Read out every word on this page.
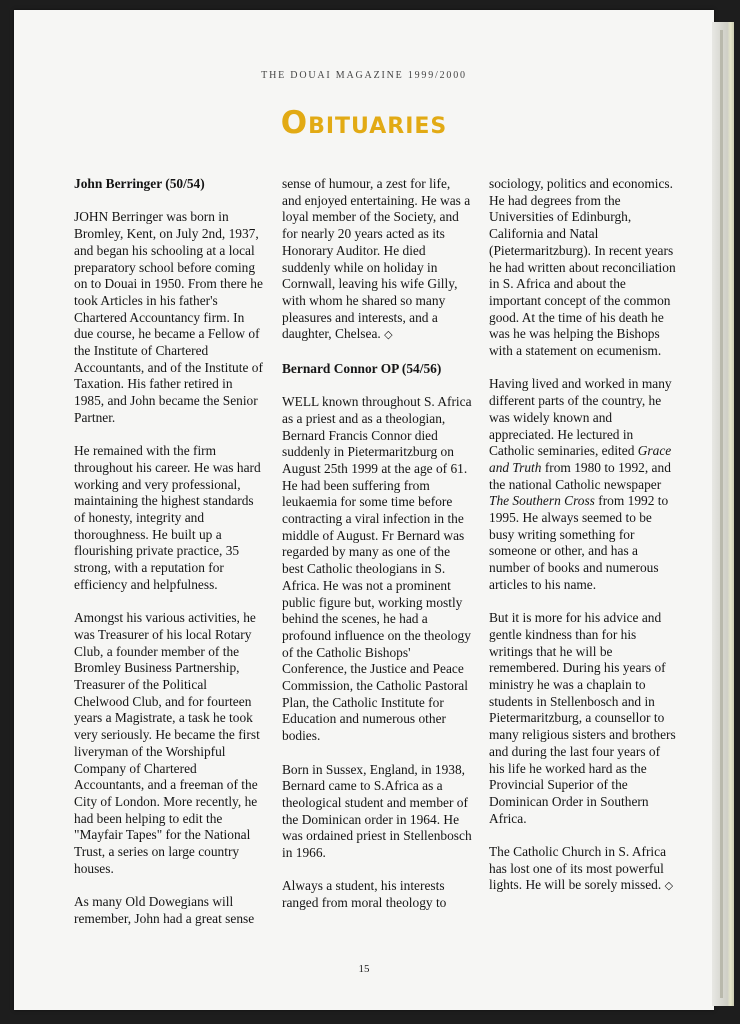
THE DOUAI MAGAZINE 1999/2000
Obituaries
John Berringer (50/54)

JOHN Berringer was born in Bromley, Kent, on July 2nd, 1937, and began his schooling at a local preparatory school before coming on to Douai in 1950. From there he took Articles in his father's Chartered Accountancy firm. In due course, he became a Fellow of the Institute of Chartered Accountants, and of the Institute of Taxation. His father retired in 1985, and John became the Senior Partner.

He remained with the firm throughout his career. He was hard working and very professional, maintaining the highest standards of honesty, integrity and thoroughness. He built up a flourishing private practice, 35 strong, with a reputation for efficiency and helpfulness.

Amongst his various activities, he was Treasurer of his local Rotary Club, a founder member of the Bromley Business Partnership, Treasurer of the Political Chelwood Club, and for fourteen years a Magistrate, a task he took very seriously. He became the first liveryman of the Worshipful Company of Chartered Accountants, and a freeman of the City of London. More recently, he had been helping to edit the "Mayfair Tapes" for the National Trust, a series on large country houses.

As many Old Dowegians will remember, John had a great sense

sense of humour, a zest for life, and enjoyed entertaining. He was a loyal member of the Society, and for nearly 20 years acted as its Honorary Auditor. He died suddenly while on holiday in Cornwall, leaving his wife Gilly, with whom he shared so many pleasures and interests, and a daughter, Chelsea. ◇

Bernard Connor OP (54/56)

WELL known throughout S. Africa as a priest and as a theologian, Bernard Francis Connor died suddenly in Pietermaritzburg on August 25th 1999 at the age of 61. He had been suffering from leukaemia for some time before contracting a viral infection in the middle of August. Fr Bernard was regarded by many as one of the best Catholic theologians in S. Africa. He was not a prominent public figure but, working mostly behind the scenes, he had a profound influence on the theology of the Catholic Bishops' Conference, the Justice and Peace Commission, the Catholic Pastoral Plan, the Catholic Institute for Education and numerous other bodies.

Born in Sussex, England, in 1938, Bernard came to S.Africa as a theological student and member of the Dominican order in 1964. He was ordained priest in Stellenbosch in 1966.

Always a student, his interests ranged from moral theology to

sociology, politics and economics. He had degrees from the Universities of Edinburgh, California and Natal (Pietermaritzburg). In recent years he had written about reconciliation in S. Africa and about the important concept of the common good. At the time of his death he was he was helping the Bishops with a statement on ecumenism.

Having lived and worked in many different parts of the country, he was widely known and appreciated. He lectured in Catholic seminaries, edited Grace and Truth from 1980 to 1992, and the national Catholic newspaper The Southern Cross from 1992 to 1995. He always seemed to be busy writing something for someone or other, and has a number of books and numerous articles to his name.

But it is more for his advice and gentle kindness than for his writings that he will be remembered. During his years of ministry he was a chaplain to students in Stellenbosch and in Pietermaritzburg, a counsellor to many religious sisters and brothers and during the last four years of his life he worked hard as the Provincial Superior of the Dominican Order in Southern Africa.

The Catholic Church in S. Africa has lost one of its most powerful lights. He will be sorely missed. ◇

15
